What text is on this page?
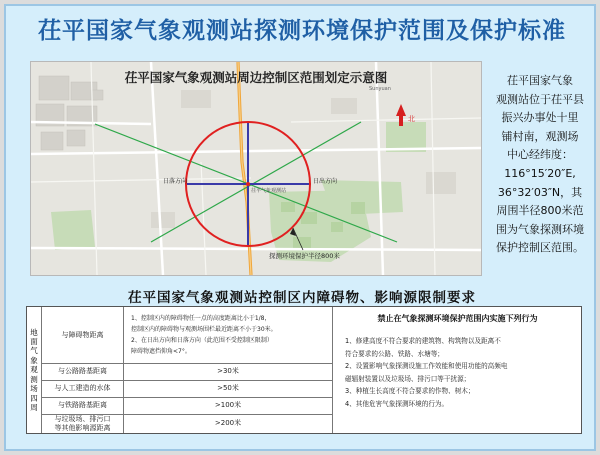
茌平国家气象观测站探测环境保护范围及保护标准
茌平国家气象观测站周边控制区范围划定示意图
北
日落方向	日出方向
茌平气象观测站
探测环境保护半径800米
Sunyuan
茌平国家气象
观测站位于茌平县
振兴办事处十里
铺村南，观测场
中心经纬度：
116°15′20″E,
36°32′03″N，其
周围半径800米范
围为气象探测环境
保护控制区范围。
茌平国家气象观测站控制区内障碍物、影响源限制要求
地
面
气
象
观
测
场
四
周
与障碍物距离
1、控制区内的障碍物任一点的高度距离比小于1/8，
控制区内的障碍物与观测场围栏最近距离不小于30米。
2、在日出方向和日落方向（此范围不受控制区限制）
障碍物遮挡仰角<7°。
与公路路基距离	>30米
与人工建造的水体	>50米
与铁路路基距离	>100米
与垃圾场、排污口
等其他影响源距离
>200米
禁止在气象探测环境保护范围内实施下列行为
1、修建高度不符合要求的建筑物、构筑物以及距离不
符合要求的公路、铁路、水塘等；
2、设置影响气象探测设施工作效能和使用功能的高频电
磁辐射装置以及垃圾场、排污口等干扰源；
3、种植生长高度不符合要求的作物、树木；
4、其他危害气象探测环境的行为。
